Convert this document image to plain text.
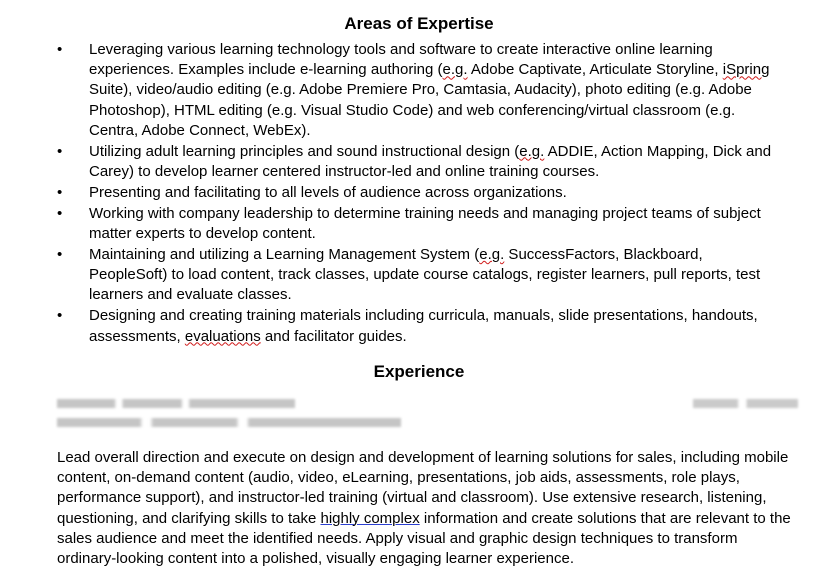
Areas of Expertise
• Leveraging various learning technology tools and software to create interactive online learning experiences. Examples include e-learning authoring (e.g. Adobe Captivate, Articulate Storyline, iSpring Suite), video/audio editing (e.g. Adobe Premiere Pro, Camtasia, Audacity), photo editing (e.g. Adobe Photoshop), HTML editing (e.g. Visual Studio Code) and web conferencing/virtual classroom (e.g. Centra, Adobe Connect, WebEx).
• Utilizing adult learning principles and sound instructional design (e.g. ADDIE, Action Mapping, Dick and Carey) to develop learner centered instructor-led and online training courses.
• Presenting and facilitating to all levels of audience across organizations.
• Working with company leadership to determine training needs and managing project teams of subject matter experts to develop content.
• Maintaining and utilizing a Learning Management System (e.g. SuccessFactors, Blackboard, PeopleSoft) to load content, track classes, update course catalogs, register learners, pull reports, test learners and evaluate classes.
• Designing and creating training materials including curricula, manuals, slide presentations, handouts, assessments, evaluations and facilitator guides.
Experience

Lead overall direction and execute on design and development of learning solutions for sales, including mobile content, on-demand content (audio, video, eLearning, presentations, job aids, assessments, role plays, performance support), and instructor-led training (virtual and classroom). Use extensive research, listening, questioning, and clarifying skills to take highly complex information and create solutions that are relevant to the sales audience and meet the identified needs. Apply visual and graphic design techniques to transform ordinary-looking content into a polished, visually engaging learner experience.
